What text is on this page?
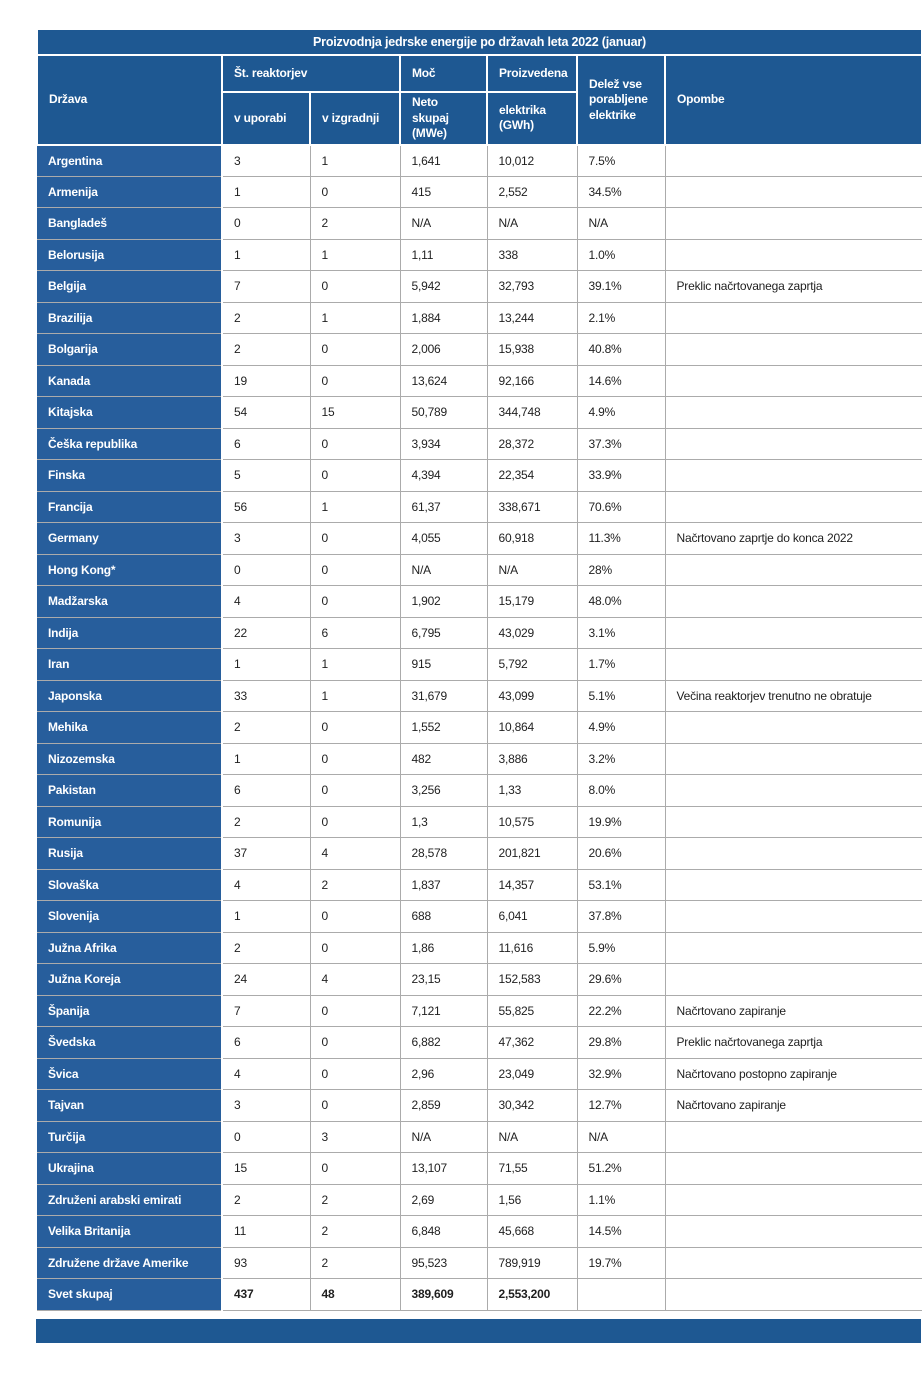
Proizvodnja jedrske energije po državah leta 2022 (januar)						
Država	Št. reaktorjev		Moč	Proizvedena	Delež vse porabljene elektrike	Opombe
	v uporabi	v izgradnji	Neto skupaj (MWe)	elektrika (GWh)		
Argentina	3	1	1,641	10,012	7.5%	
Armenija	1	0	415	2,552	34.5%	
Bangladeš	0	2	N/A	N/A	N/A	
Belorusija	1	1	1,11	338	1.0%	
Belgija	7	0	5,942	32,793	39.1%	Preklic načrtovanega zaprtja
Brazilija	2	1	1,884	13,244	2.1%	
Bolgarija	2	0	2,006	15,938	40.8%	
Kanada	19	0	13,624	92,166	14.6%	
Kitajska	54	15	50,789	344,748	4.9%	
Češka republika	6	0	3,934	28,372	37.3%	
Finska	5	0	4,394	22,354	33.9%	
Francija	56	1	61,37	338,671	70.6%	
Germany	3	0	4,055	60,918	11.3%	Načrtovano zaprtje do konca 2022
Hong Kong*	0	0	N/A	N/A	28%	
Madžarska	4	0	1,902	15,179	48.0%	
Indija	22	6	6,795	43,029	3.1%	
Iran	1	1	915	5,792	1.7%	
Japonska	33	1	31,679	43,099	5.1%	Večina reaktorjev trenutno ne obratuje
Mehika	2	0	1,552	10,864	4.9%	
Nizozemska	1	0	482	3,886	3.2%	
Pakistan	6	0	3,256	1,33	8.0%	
Romunija	2	0	1,3	10,575	19.9%	
Rusija	37	4	28,578	201,821	20.6%	
Slovaška	4	2	1,837	14,357	53.1%	
Slovenija	1	0	688	6,041	37.8%	
Južna Afrika	2	0	1,86	11,616	5.9%	
Južna Koreja	24	4	23,15	152,583	29.6%	
Španija	7	0	7,121	55,825	22.2%	Načrtovano zapiranje
Švedska	6	0	6,882	47,362	29.8%	Preklic načrtovanega zaprtja
Švica	4	0	2,96	23,049	32.9%	Načrtovano postopno zapiranje
Tajvan	3	0	2,859	30,342	12.7%	Načrtovano zapiranje
Turčija	0	3	N/A	N/A	N/A	
Ukrajina	15	0	13,107	71,55	51.2%	
Združeni arabski emirati	2	2	2,69	1,56	1.1%	
Velika Britanija	11	2	6,848	45,668	14.5%	
Združene države Amerike	93	2	95,523	789,919	19.7%	
Svet skupaj	437	48	389,609	2,553,200		
